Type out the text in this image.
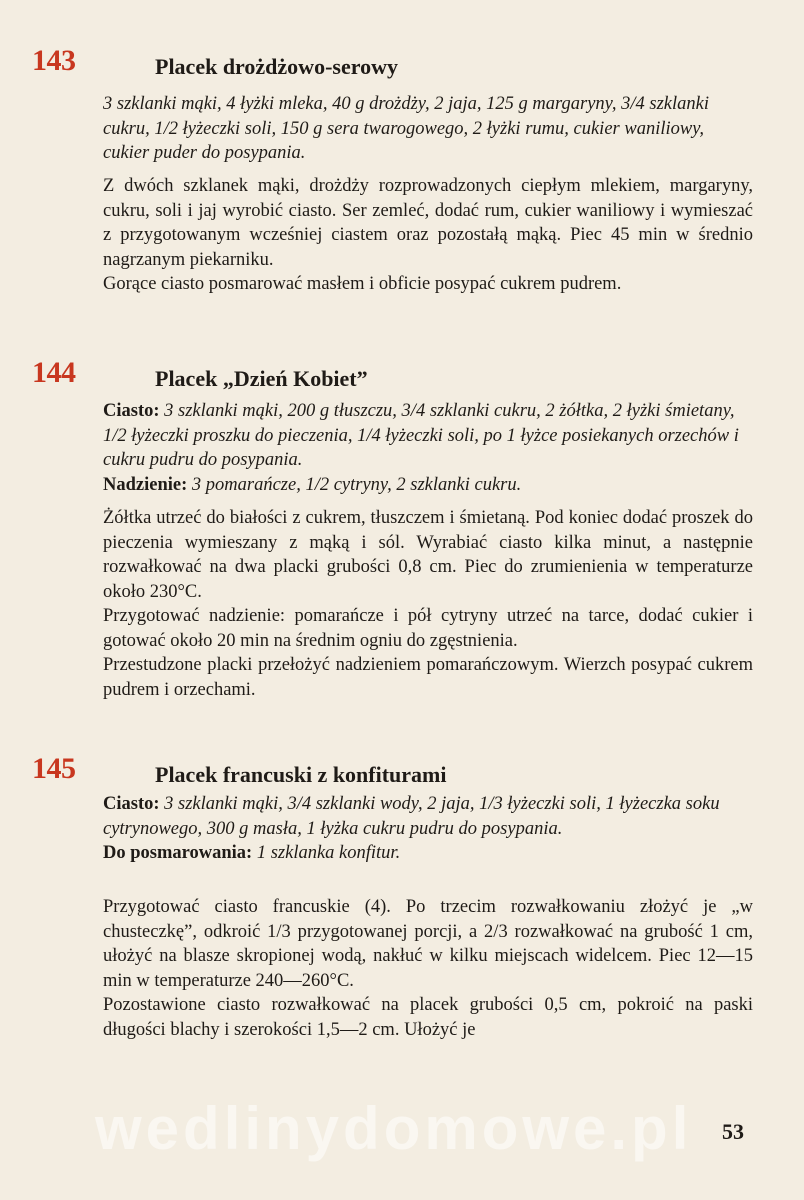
143	Placek drożdżowo-serowy
3 szklanki mąki, 4 łyżki mleka, 40 g drożdży, 2 jaja, 125 g margaryny, 3/4 szklanki cukru, 1/2 łyżeczki soli, 150 g sera twarogowego, 2 łyżki rumu, cukier waniliowy, cukier puder do posypania.

Z dwóch szklanek mąki, drożdży rozprowadzonych ciepłym mlekiem, margaryny, cukru, soli i jaj wyrobić ciasto. Ser zemleć, dodać rum, cukier waniliowy i wymieszać z przygotowanym wcześniej ciastem oraz pozostałą mąką. Piec 45 min w średnio nagrzanym piekarniku.

Gorące ciasto posmarować masłem i obficie posypać cukrem pudrem.

144	Placek „Dzień Kobiet”
Ciasto: 3 szklanki mąki, 200 g tłuszczu, 3/4 szklanki cukru, 2 żółtka, 2 łyżki śmietany, 1/2 łyżeczki proszku do pieczenia, 1/4 łyżeczki soli, po 1 łyżce posiekanych orzechów i cukru pudru do posypania.
Nadzienie: 3 pomarańcze, 1/2 cytryny, 2 szklanki cukru.

Żółtka utrzeć do białości z cukrem, tłuszczem i śmietaną. Pod koniec dodać proszek do pieczenia wymieszany z mąką i sól. Wyrabiać ciasto kilka minut, a następnie rozwałkować na dwa placki grubości 0,8 cm. Piec do zrumienienia w temperaturze około 230°C.

Przygotować nadzienie: pomarańcze i pół cytryny utrzeć na tarce, dodać cukier i gotować około 20 min na średnim ogniu do zgęstnienia.

Przestudzone placki przełożyć nadzieniem pomarańczowym. Wierzch posypać cukrem pudrem i orzechami.

145	Placek francuski z konfiturami
Ciasto: 3 szklanki mąki, 3/4 szklanki wody, 2 jaja, 1/3 łyżeczki soli, 1 łyżeczka soku cytrynowego, 300 g masła, 1 łyżka cukru pudru do posypania.
Do posmarowania: 1 szklanka konfitur.

Przygotować ciasto francuskie (4). Po trzecim rozwałkowaniu złożyć je „w chusteczkę”, odkroić 1/3 przygotowanej porcji, a 2/3 rozwałkować na grubość 1 cm, ułożyć na blasze skropionej wodą, nakłuć w kilku miejscach widelcem. Piec 12—15 min w temperaturze 240—260°C.

Pozostawione ciasto rozwałkować na placek grubości 0,5 cm, pokroić na paski długości blachy i szerokości 1,5—2 cm. Ułożyć je

wedlinydomowe.pl 53
